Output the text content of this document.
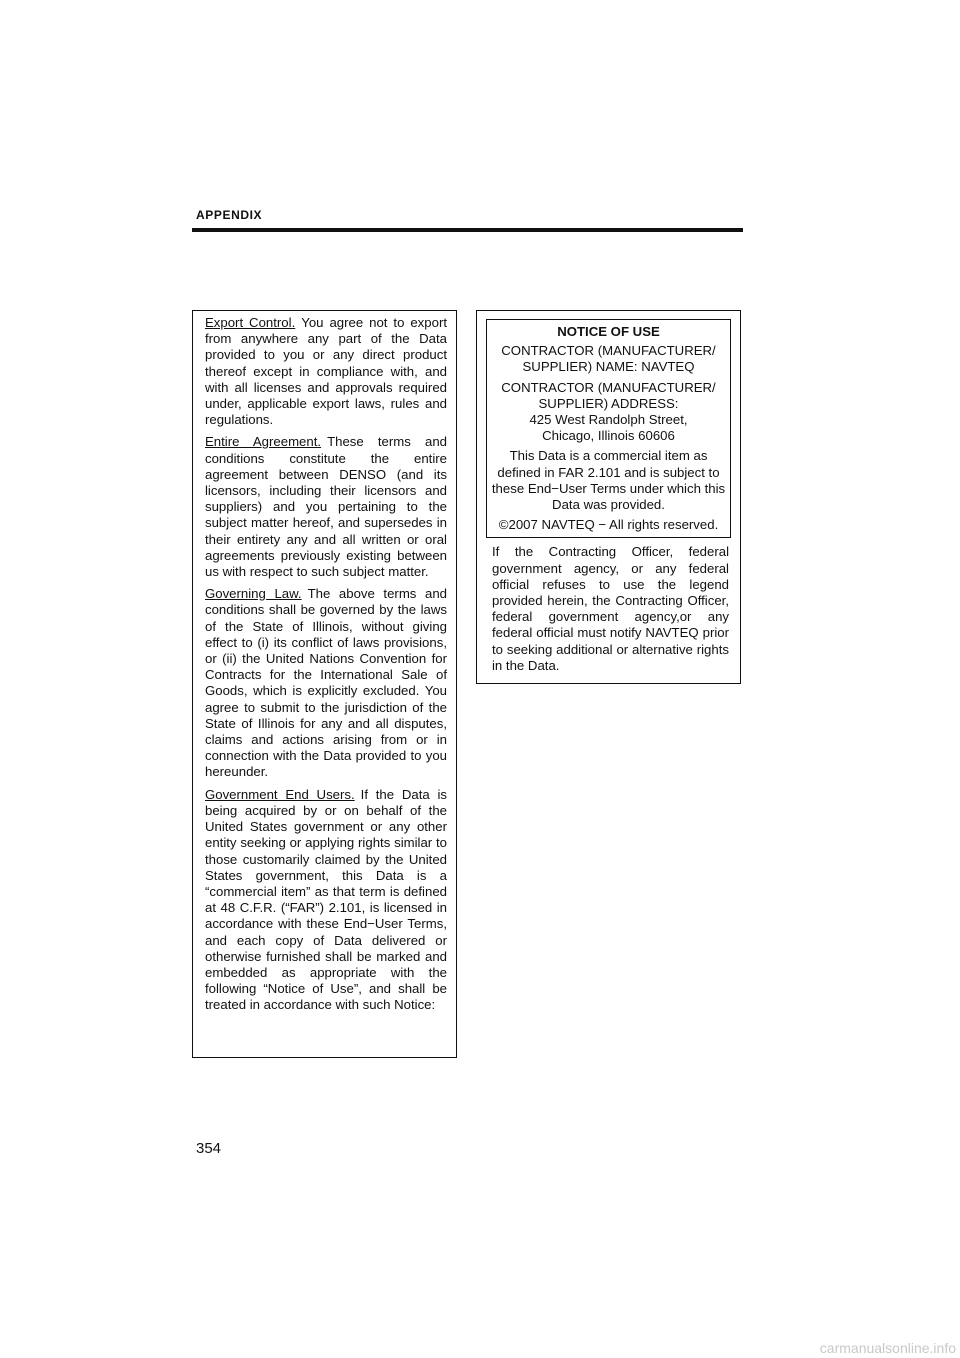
APPENDIX

Export Control. You agree not to export from anywhere any part of the Data provided to you or any direct product thereof except in compliance with, and with all licenses and approvals required under, applicable export laws, rules and regulations.

Entire Agreement. These terms and conditions constitute the entire agreement between DENSO (and its licensors, including their licensors and suppliers) and you pertaining to the subject matter hereof, and supersedes in their entirety any and all written or oral agreements previously existing between us with respect to such subject matter.

Governing Law. The above terms and conditions shall be governed by the laws of the State of Illinois, without giving effect to (i) its conflict of laws provisions, or (ii) the United Nations Convention for Contracts for the International Sale of Goods, which is explicitly excluded. You agree to submit to the jurisdiction of the State of Illinois for any and all disputes, claims and actions arising from or in connection with the Data provided to you hereunder.

Government End Users. If the Data is being acquired by or on behalf of the United States government or any other entity seeking or applying rights similar to those customarily claimed by the United States government, this Data is a “commercial item” as that term is defined at 48 C.F.R. (“FAR”) 2.101, is licensed in accordance with these End−User Terms, and each copy of Data delivered or otherwise furnished shall be marked and embedded as appropriate with the following “Notice of Use”, and shall be treated in accordance with such Notice:

NOTICE OF USE

CONTRACTOR (MANUFACTURER/ SUPPLIER) NAME: NAVTEQ

CONTRACTOR (MANUFACTURER/ SUPPLIER) ADDRESS:
425 West Randolph Street,
Chicago, Illinois 60606

This Data is a commercial item as defined in FAR 2.101 and is subject to these End−User Terms under which this Data was provided.

©2007 NAVTEQ − All rights reserved.

If the Contracting Officer, federal government agency, or any federal official refuses to use the legend provided herein, the Contracting Officer, federal government agency,or any federal official must notify NAVTEQ prior to seeking additional or alternative rights in the Data.

354
carmanualsonline.info
